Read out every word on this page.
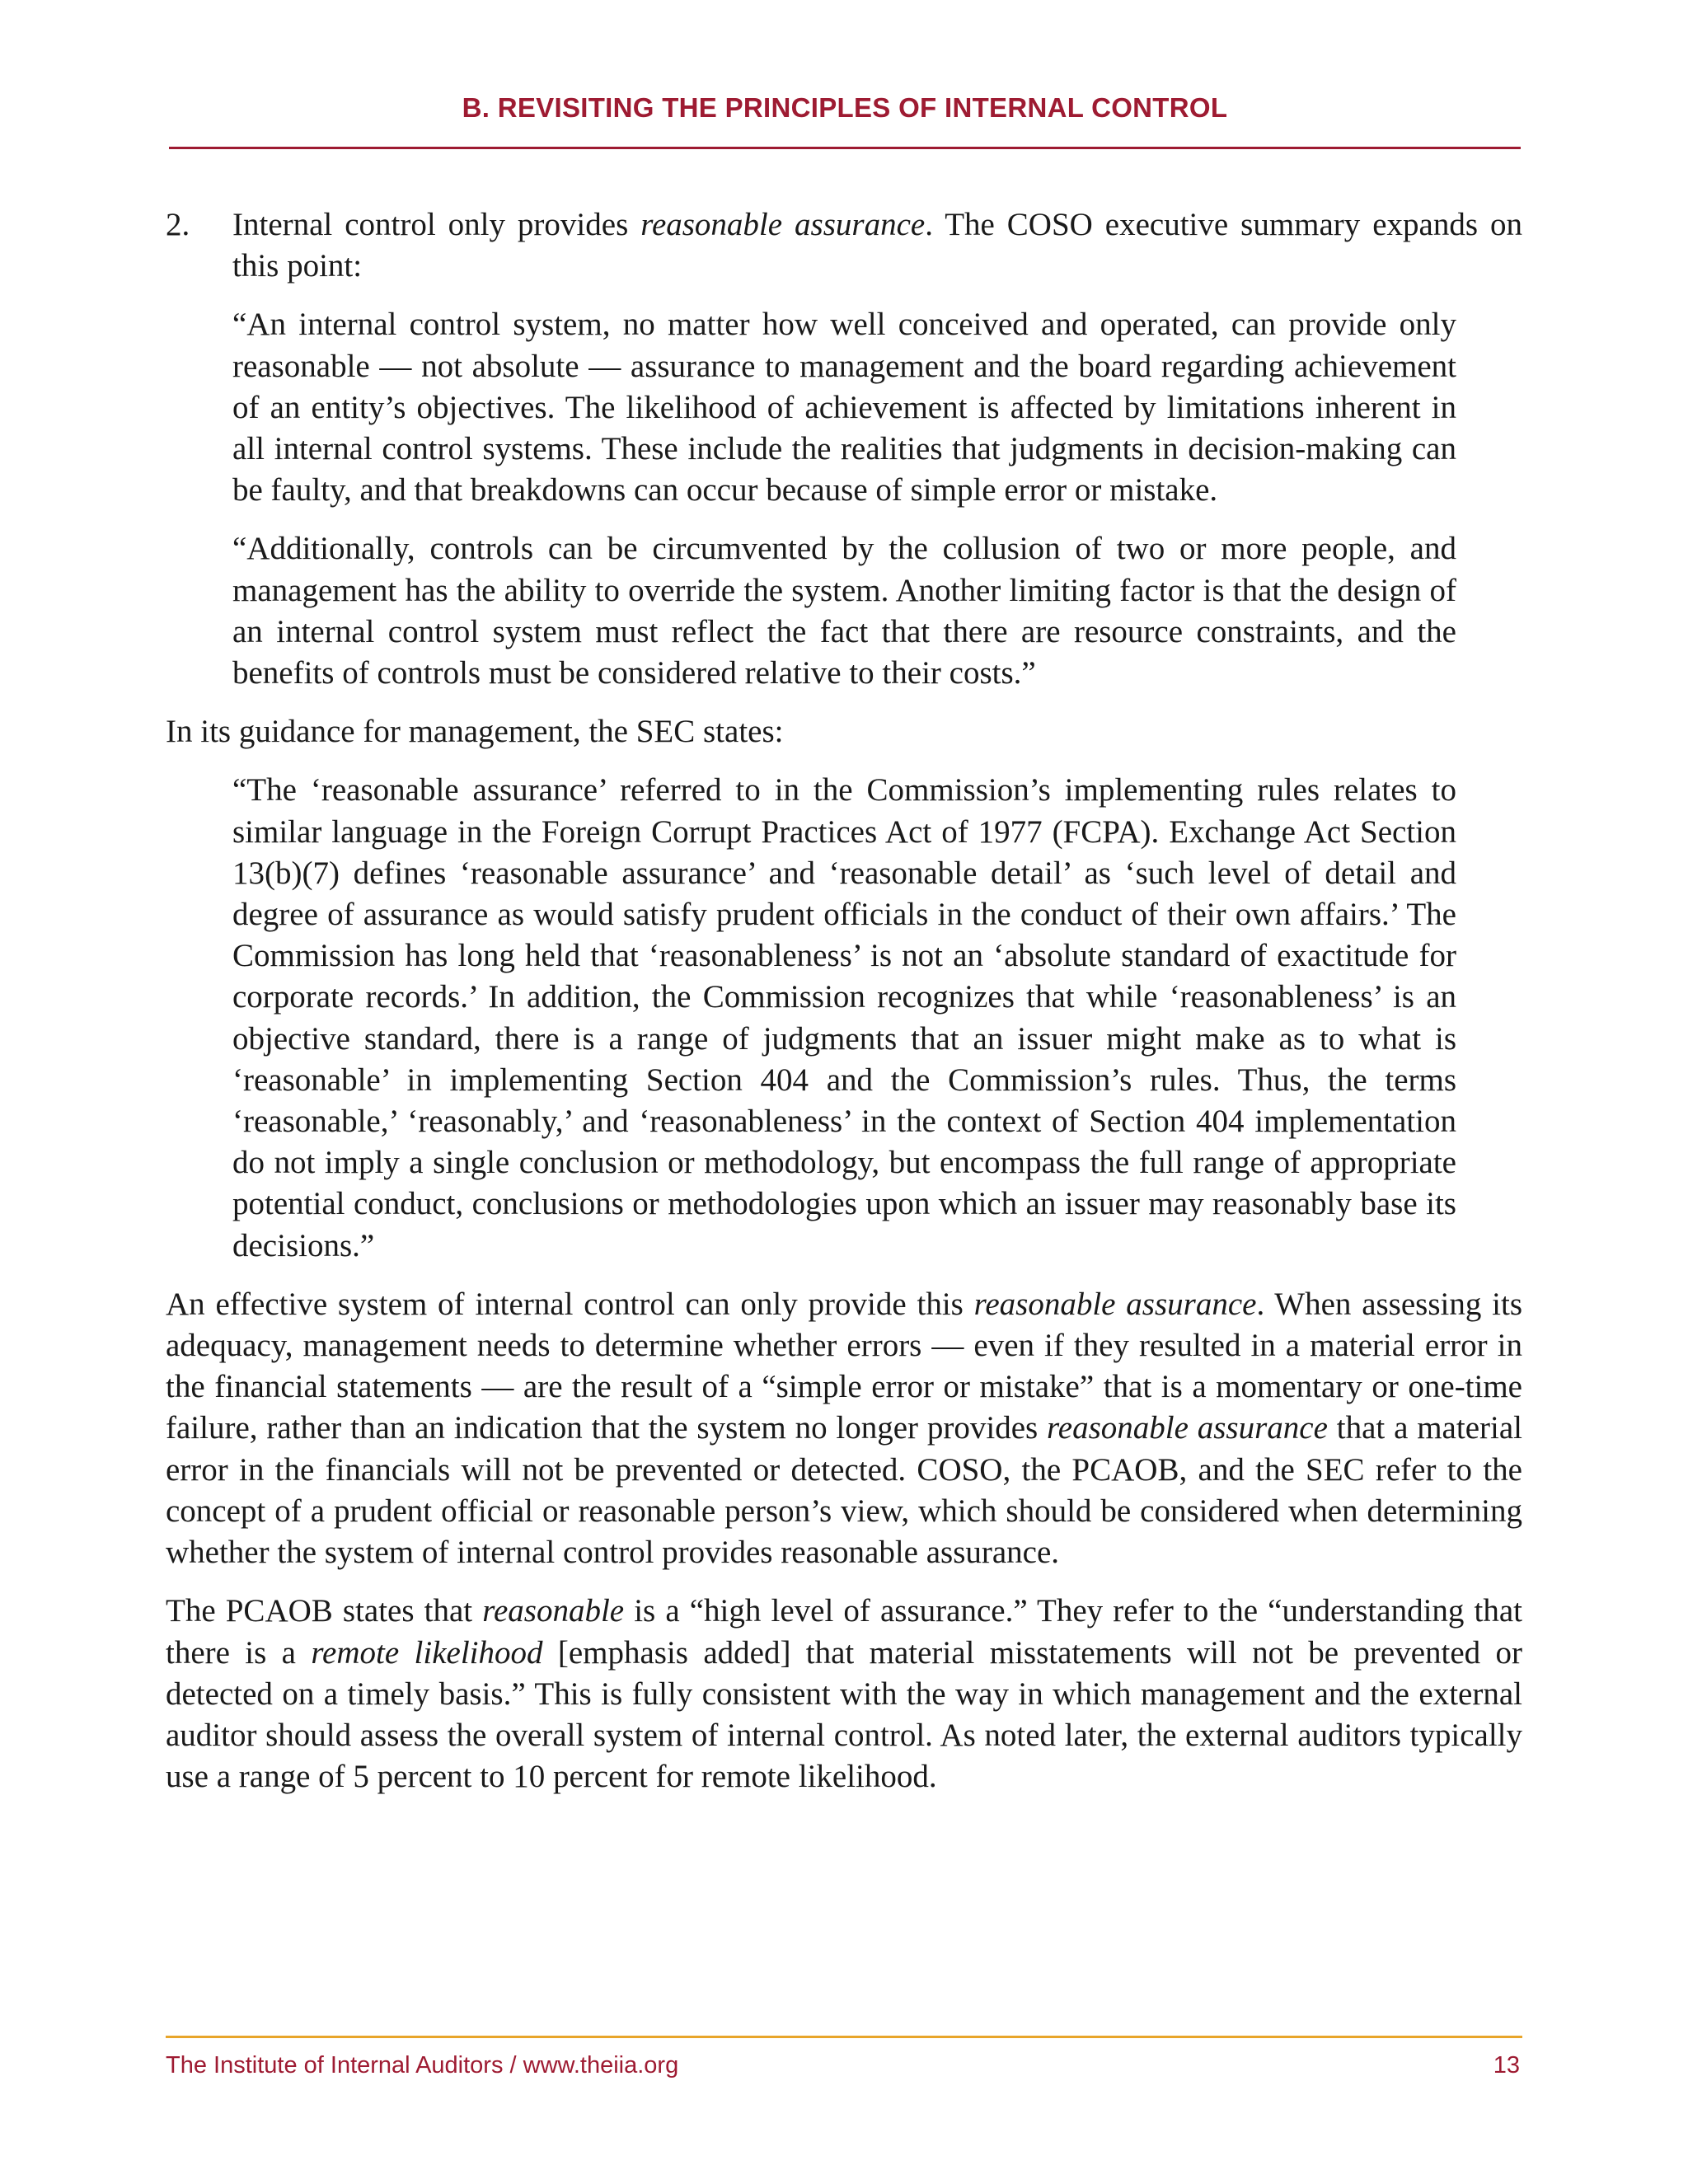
B. REVISITING THE PRINCIPLES OF INTERNAL CONTROL
2.	Internal control only provides reasonable assurance. The COSO executive summary expands on this point:

“An internal control system, no matter how well conceived and operated, can provide only reasonable — not absolute — assurance to management and the board regarding achievement of an entity’s objectives. The likelihood of achievement is affected by limitations inherent in all internal control systems. These include the realities that judgments in decision-making can be faulty, and that breakdowns can occur because of simple error or mistake.

“Additionally, controls can be circumvented by the collusion of two or more people, and management has the ability to override the system. Another limiting factor is that the design of an internal control system must reflect the fact that there are resource constraints, and the benefits of controls must be considered relative to their costs.”

In its guidance for management, the SEC states:

“The ‘reasonable assurance’ referred to in the Commission’s implementing rules relates to similar language in the Foreign Corrupt Practices Act of 1977 (FCPA). Exchange Act Section 13(b)(7) defines ‘reasonable assurance’ and ‘reasonable detail’ as ‘such level of detail and degree of assurance as would satisfy prudent officials in the conduct of their own affairs.’ The Commission has long held that ‘reasonableness’ is not an ‘absolute standard of exactitude for corporate records.’ In addition, the Commission recognizes that while ‘reasonableness’ is an objective standard, there is a range of judgments that an issuer might make as to what is ‘reasonable’ in implementing Section 404 and the Commission’s rules. Thus, the terms ‘reasonable,’ ‘reasonably,’ and ‘reasonableness’ in the context of Section 404 implementation do not imply a single conclusion or methodology, but encompass the full range of appropriate potential conduct, conclusions or methodologies upon which an issuer may reasonably base its decisions.”

An effective system of internal control can only provide this reasonable assurance. When assessing its adequacy, management needs to determine whether errors — even if they resulted in a material error in the financial statements — are the result of a “simple error or mistake” that is a momentary or one-time failure, rather than an indication that the system no longer provides reasonable assurance that a material error in the financials will not be prevented or detected. COSO, the PCAOB, and the SEC refer to the concept of a prudent official or reasonable person’s view, which should be considered when determining whether the system of internal control provides reasonable assurance.

The PCAOB states that reasonable is a “high level of assurance.” They refer to the “understanding that there is a remote likelihood [emphasis added] that material misstatements will not be prevented or detected on a timely basis.” This is fully consistent with the way in which management and the external auditor should assess the overall system of internal control. As noted later, the external auditors typically use a range of 5 percent to 10 percent for remote likelihood.

The Institute of Internal Auditors / www.theiia.org	13
